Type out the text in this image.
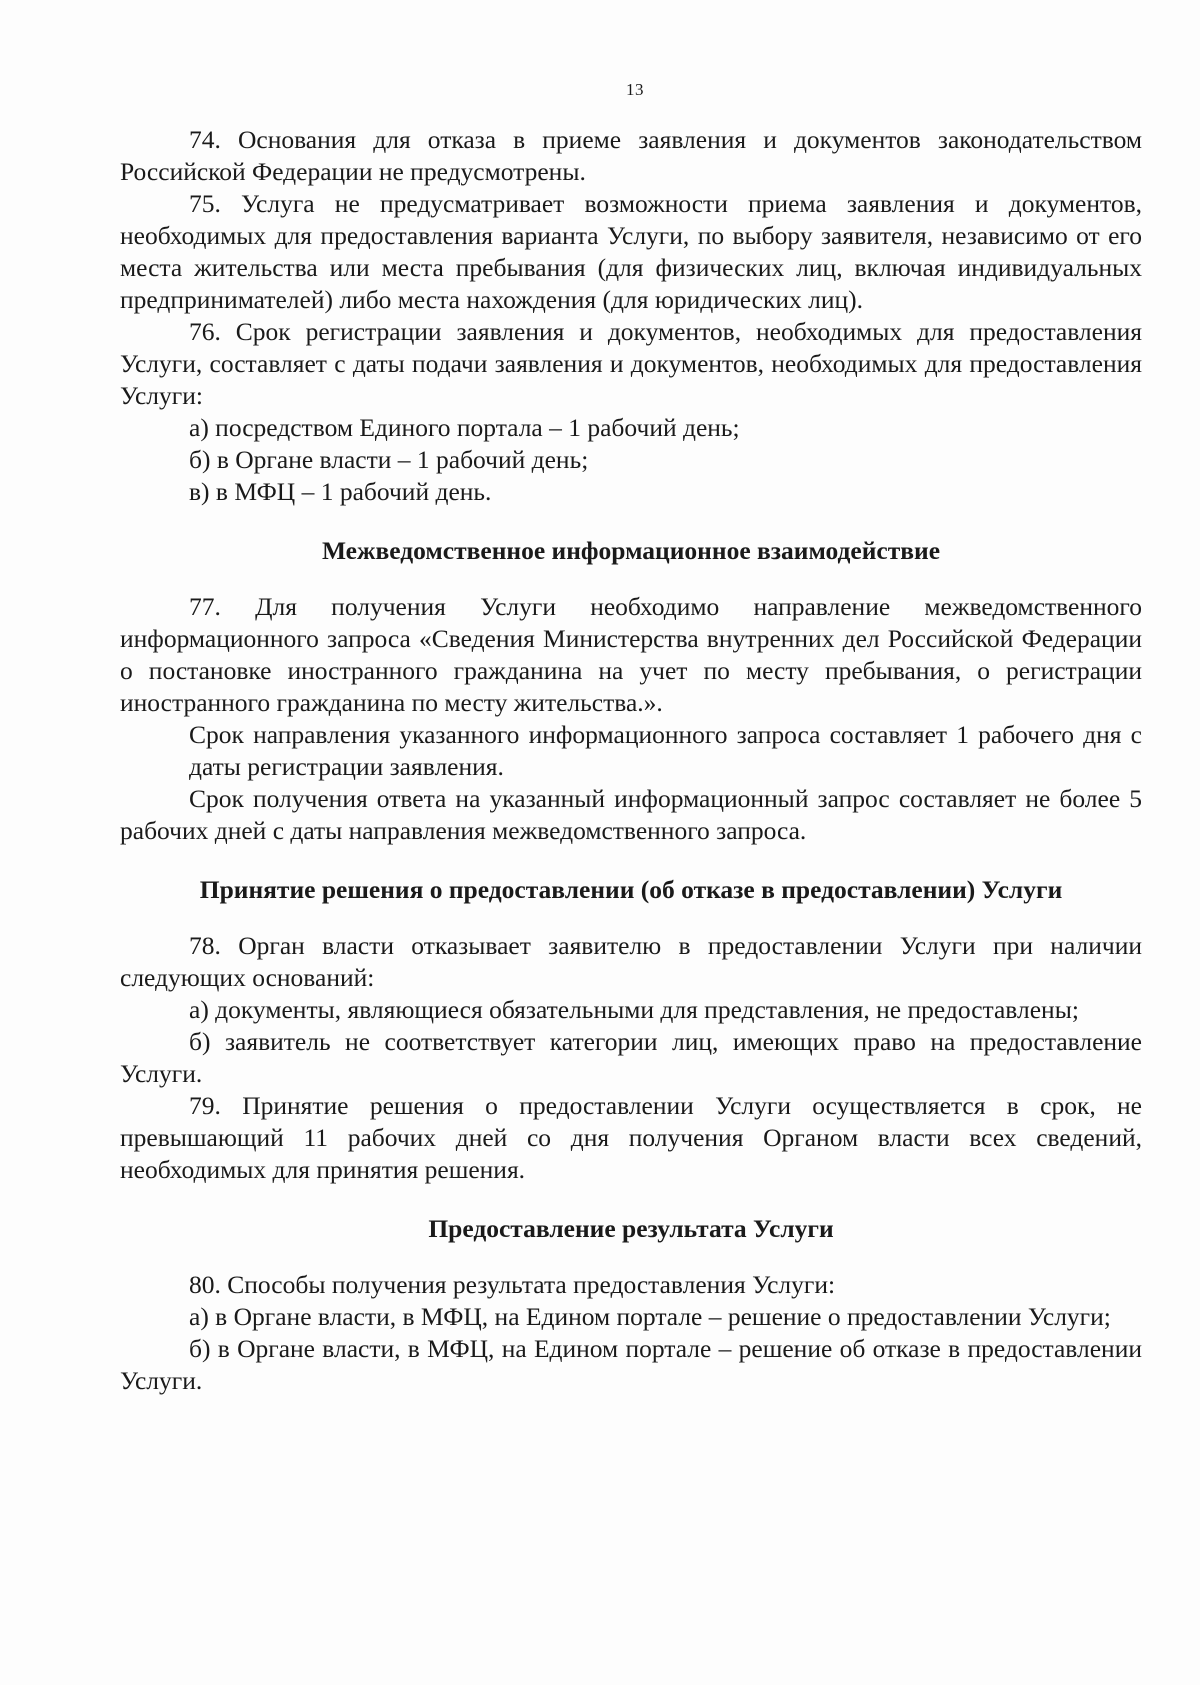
13

74. Основания для отказа в приеме заявления и документов законодательством Российской Федерации не предусмотрены.

75. Услуга не предусматривает возможности приема заявления и документов, необходимых для предоставления варианта Услуги, по выбору заявителя, независимо от его места жительства или места пребывания (для физических лиц, включая индивидуальных предпринимателей) либо места нахождения (для юридических лиц).

76. Срок регистрации заявления и документов, необходимых для предоставления Услуги, составляет с даты подачи заявления и документов, необходимых для предоставления Услуги:

а) посредством Единого портала – 1 рабочий день;

б) в Органе власти – 1 рабочий день;

в) в МФЦ – 1 рабочий день.

Межведомственное информационное взаимодействие

77. Для получения Услуги необходимо направление межведомственного информационного запроса «Сведения Министерства внутренних дел Российской Федерации о постановке иностранного гражданина на учет по месту пребывания, о регистрации иностранного гражданина по месту жительства.».

Срок направления указанного информационного запроса составляет 1 рабочего дня с даты регистрации заявления.

Срок получения ответа на указанный информационный запрос составляет не более 5 рабочих дней с даты направления межведомственного запроса.

Принятие решения о предоставлении (об отказе в предоставлении) Услуги

78. Орган власти отказывает заявителю в предоставлении Услуги при наличии следующих оснований:

а) документы, являющиеся обязательными для представления, не предоставлены;

б) заявитель не соответствует категории лиц, имеющих право на предоставление Услуги.

79. Принятие решения о предоставлении Услуги осуществляется в срок, не превышающий 11 рабочих дней со дня получения Органом власти всех сведений, необходимых для принятия решения.

Предоставление результата Услуги

80. Способы получения результата предоставления Услуги:

а) в Органе власти, в МФЦ, на Едином портале – решение о предоставлении Услуги;

б) в Органе власти, в МФЦ, на Едином портале – решение об отказе в предоставлении Услуги.
